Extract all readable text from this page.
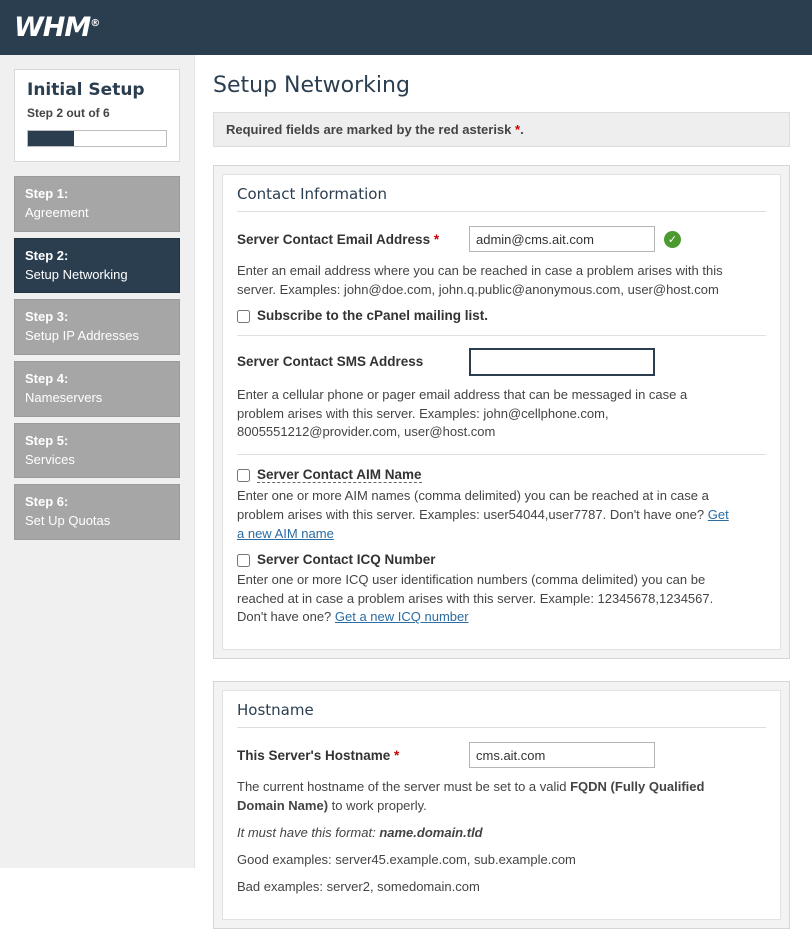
WHM®
Initial Setup
Step 2 out of 6
Step 1:
Agreement
Step 2:
Setup Networking
Step 3:
Setup IP Addresses
Step 4:
Nameservers
Step 5:
Services
Step 6:
Set Up Quotas
Setup Networking
Required fields are marked by the red asterisk *.
Contact Information
Server Contact Email Address *
admin@cms.ait.com	✓

Enter an email address where you can be reached in case a problem arises with this server. Examples: john@doe.com, john.q.public@anonymous.com, user@host.com

Subscribe to the cPanel mailing list.
Server Contact SMS Address

Enter a cellular phone or pager email address that can be messaged in case a problem arises with this server. Examples: john@cellphone.com, 8005551212@provider.com, user@host.com

Server Contact AIM Name

Enter one or more AIM names (comma delimited) you can be reached at in case a problem arises with this server. Examples: user54044,user7787. Don't have one? Get a new AIM name

Server Contact ICQ Number

Enter one or more ICQ user identification numbers (comma delimited) you can be reached at in case a problem arises with this server. Example: 12345678,1234567. Don't have one? Get a new ICQ number

Hostname
This Server's Hostname *
cms.ait.com

The current hostname of the server must be set to a valid FQDN (Fully Qualified Domain Name) to work properly.

It must have this format: name.domain.tld

Good examples: server45.example.com, sub.example.com

Bad examples: server2, somedomain.com
